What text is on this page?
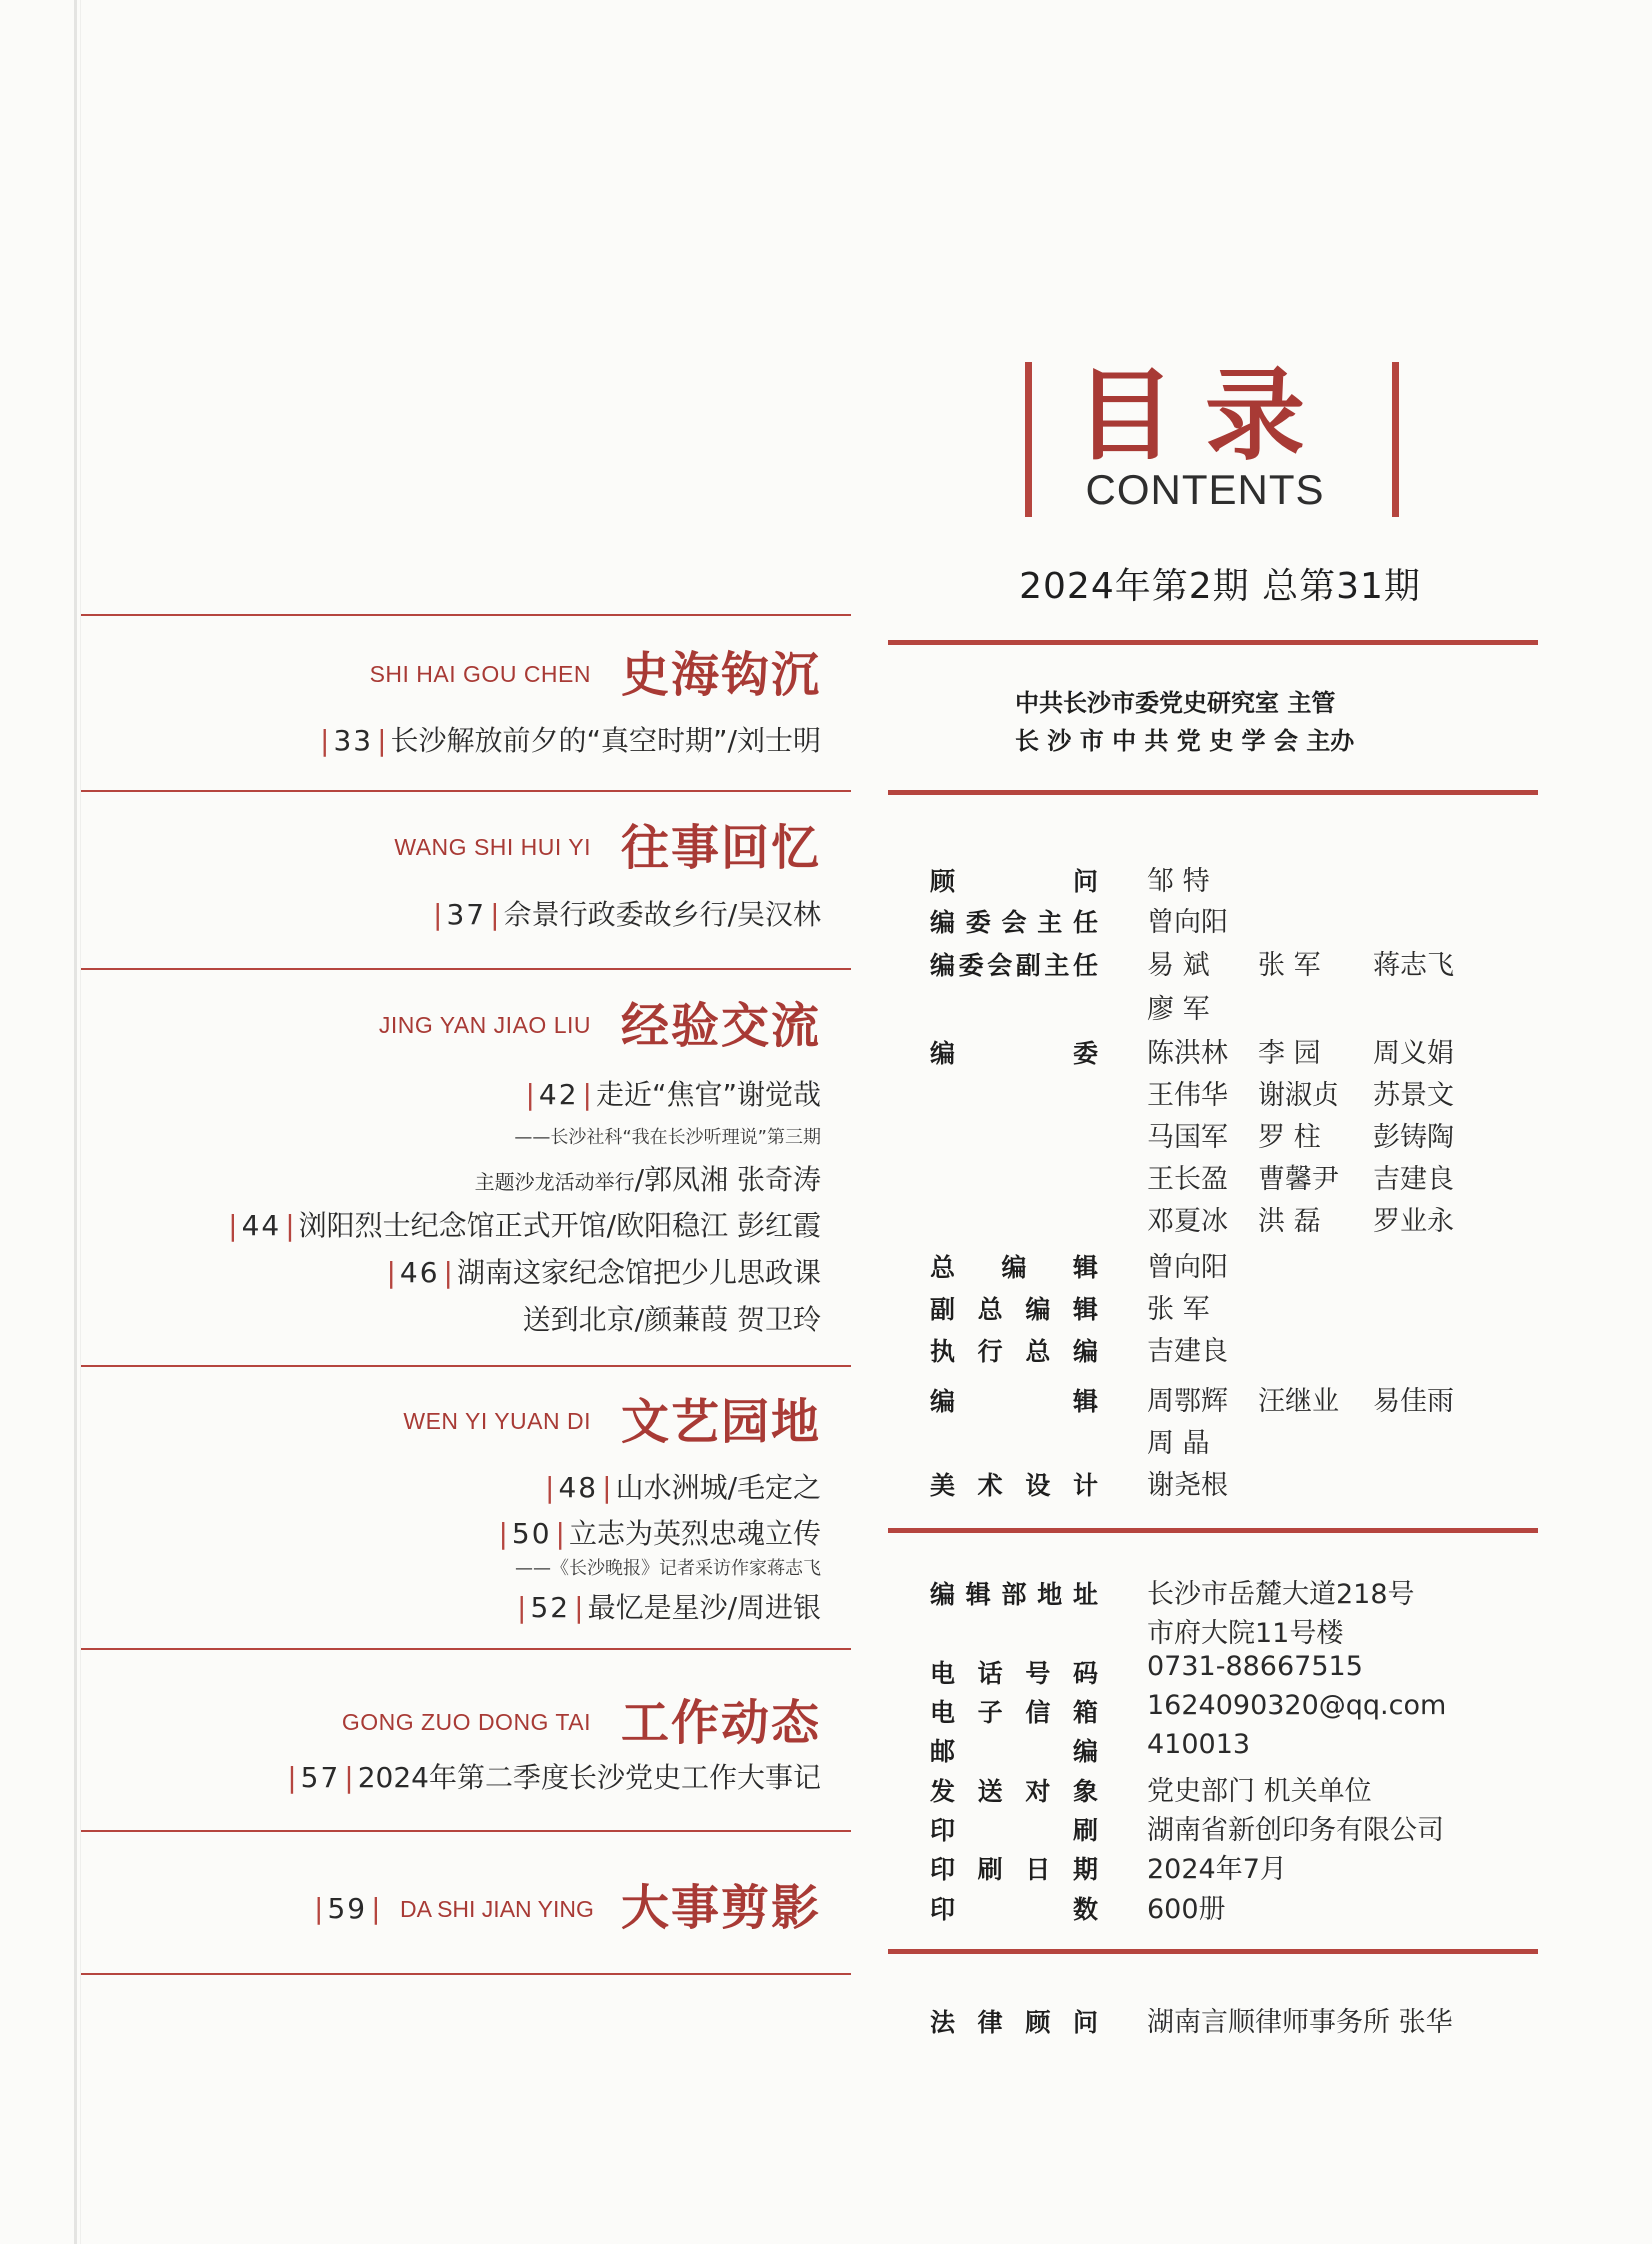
目录
CONTENTS
2024年第2期 总第31期
SHI HAI GOU CHEN 史海钩沉
| 33 | 长沙解放前夕的“真空时期”/刘士明
WANG SHI HUI YI 往事回忆
| 37 | 佘景行政委故乡行/吴汉林
JING YAN JIAO LIU 经验交流
| 42 | 走近“焦官”谢觉哉
——长沙社科“我在长沙听理说”第三期
主题沙龙活动举行/郭凤湘 张奇涛
| 44 | 浏阳烈士纪念馆正式开馆/欧阳稳江 彭红霞
| 46 | 湖南这家纪念馆把少儿思政课
送到北京/颜蒹葭 贺卫玲
WEN YI YUAN DI 文艺园地
| 48 | 山水洲城/毛定之
| 50 | 立志为英烈忠魂立传
——《长沙晚报》记者采访作家蒋志飞
| 52 | 最忆是星沙/周进银
GONG ZUO DONG TAI 工作动态
| 57 | 2024年第二季度长沙党史工作大事记
| 59 | DA SHI JIAN YING 大事剪影
中共长沙市委党史研究室 主管
长 沙 市 中 共 党 史 学 会 主办
顾问 邹 特
编委会主任 曾向阳
编委会副主任 易 斌 张 军 蒋志飞
廖 军
编委 陈洪林 李 园 周义娟
王伟华 谢淑贞 苏景文
马国军 罗 柱 彭铸陶
王长盈 曹馨尹 吉建良
邓夏冰 洪 磊 罗业永
总编辑 曾向阳
副总编辑 张 军
执行总编 吉建良
编辑 周鄂辉 汪继业 易佳雨
周 晶
美术设计 谢尧根
编辑部地址 长沙市岳麓大道218号
市府大院11号楼
电话号码 0731-88667515
电子信箱 1624090320@qq.com
邮编 410013
发送对象 党史部门 机关单位
印刷 湖南省新创印务有限公司
印刷日期 2024年7月
印数 600册
法律顾问 湖南言顺律师事务所 张华
